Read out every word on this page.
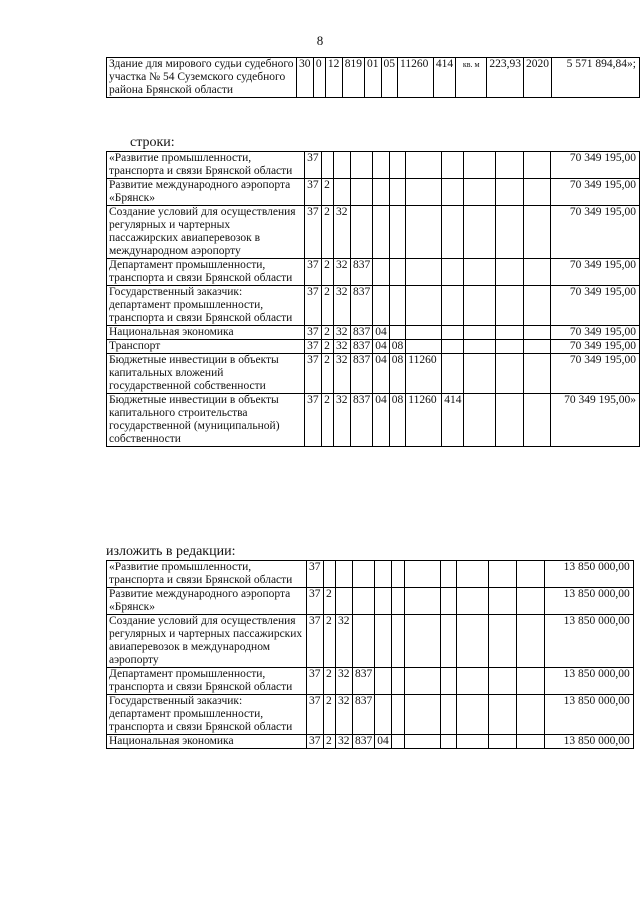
8
Здание для мирового судьи судебного участка № 54 Суземского судебного района Брянской области	30	0	12	819	01	05	11260	414	кв. м	223,93	2020	5 571 894,84»;
строки:
«Развитие промышленности, транспорта и связи Брянской области	37											70 349 195,00
Развитие международного аэропорта «Брянск»	37	2										70 349 195,00
Создание условий для осуществления регулярных и чартерных пассажирских авиаперевозок в международном аэропорту	37	2	32									70 349 195,00
Департамент промышленности, транспорта и связи Брянской области	37	2	32	837								70 349 195,00
Государственный заказчик: департамент промышленности, транспорта и связи Брянской области	37	2	32	837								70 349 195,00
Национальная экономика	37	2	32	837	04							70 349 195,00
Транспорт	37	2	32	837	04	08						70 349 195,00
Бюджетные инвестиции в объекты капитальных вложений государственной собственности	37	2	32	837	04	08	11260					70 349 195,00
Бюджетные инвестиции в объекты капитального строительства государственной (муниципальной) собственности	37	2	32	837	04	08	11260	414				70 349 195,00»
изложить в редакции:
«Развитие промышленности, транспорта и связи Брянской области	37											13 850 000,00
Развитие международного аэропорта «Брянск»	37	2										13 850 000,00
Создание условий для осуществления регулярных и чартерных пассажирских авиаперевозок в международном аэропорту	37	2	32									13 850 000,00
Департамент промышленности, транспорта и связи Брянской области	37	2	32	837								13 850 000,00
Государственный заказчик: департамент промышленности, транспорта и связи Брянской области	37	2	32	837								13 850 000,00
Национальная экономика	37	2	32	837	04							13 850 000,00
